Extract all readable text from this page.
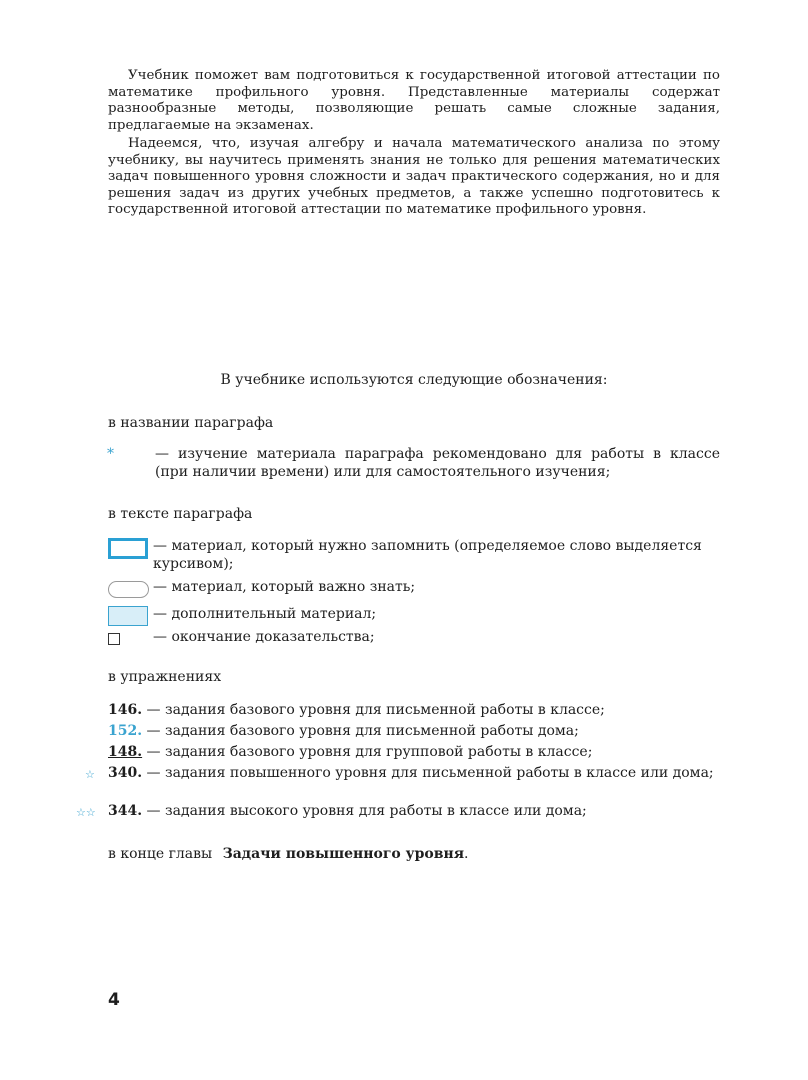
Учебник поможет вам подготовиться к государственной итоговой аттестации по математике профильного уровня. Представленные материалы содержат разнообразные методы, позволяющие решать самые сложные задания, предлагаемые на экзаменах.

Надеемся, что, изучая алгебру и начала математического анализа по этому учебнику, вы научитесь применять знания не только для решения математических задач повышенного уровня сложности и задач практического содержания, но и для решения задач из других учебных предметов, а также успешно подготовитесь к государственной итоговой аттестации по математике профильного уровня.

В учебнике используются следующие обозначения:

в названии параграфа

*	— изучение материала параграфа рекомендовано для работы в классе (при наличии времени) или для самостоятельного изучения;

в тексте параграфа

— материал, который нужно запомнить (определяемое слово выделяется курсивом);

— материал, который важно знать;

— дополнительный материал;

— окончание доказательства;

в упражнениях

146. — задания базового уровня для письменной работы в классе;
152. — задания базового уровня для письменной работы дома;
148. — задания базового уровня для групповой работы в классе;
☆ 340. — задания повышенного уровня для письменной работы в классе или дома;
☆☆ 344. — задания высокого уровня для работы в классе или дома;
в конце главы Задачи повышенного уровня.
4
